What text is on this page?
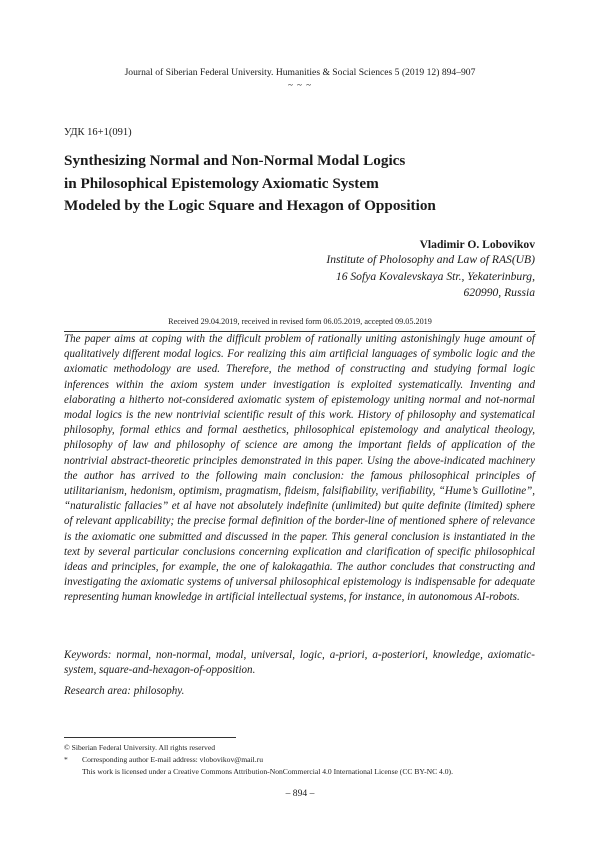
Journal of Siberian Federal University. Humanities & Social Sciences 5 (2019 12) 894–907
~ ~ ~
УДК 16+1(091)
Synthesizing Normal and Non-Normal Modal Logics
in Philosophical Epistemology Axiomatic System
Modeled by the Logic Square and Hexagon of Opposition
Vladimir O. Lobovikov
Institute of Pholosophy and Law of RAS(UB)
16 Sofya Kovalevskaya Str., Yekaterinburg,
620990, Russia
Received 29.04.2019, received in revised form 06.05.2019, accepted 09.05.2019

The paper aims at coping with the difficult problem of rationally uniting astonishingly huge amount of qualitatively different modal logics. For realizing this aim artificial languages of symbolic logic and the axiomatic methodology are used. Therefore, the method of constructing and studying formal logic inferences within the axiom system under investigation is exploited systematically. Inventing and elaborating a hitherto not-considered axiomatic system of epistemology uniting normal and not-normal modal logics is the new nontrivial scientific result of this work. History of philosophy and systematical philosophy, formal ethics and formal aesthetics, philosophical epistemology and analytical theology, philosophy of law and philosophy of science are among the important fields of application of the nontrivial abstract-theoretic principles demonstrated in this paper. Using the above-indicated machinery the author has arrived to the following main conclusion: the famous philosophical principles of utilitarianism, hedonism, optimism, pragmatism, fideism, falsifiability, verifiability, “Hume’s Guillotine”, “naturalistic fallacies” et al have not absolutely indefinite (unlimited) but quite definite (limited) sphere of relevant applicability; the precise formal definition of the border-line of mentioned sphere of relevance is the axiomatic one submitted and discussed in the paper. This general conclusion is instantiated in the text by several particular conclusions concerning explication and clarification of specific philosophical ideas and principles, for example, the one of kalokagathia. The author concludes that constructing and investigating the axiomatic systems of universal philosophical epistemology is indispensable for adequate representing human knowledge in artificial intellectual systems, for instance, in autonomous AI-robots.

Keywords: normal, non-normal, modal, universal, logic, a-priori, a-posteriori, knowledge, axiomatic-system, square-and-hexagon-of-opposition.

Research area: philosophy.
© Siberian Federal University. All rights reserved
* Corresponding author E-mail address: vlobovikov@mail.ru
This work is licensed under a Creative Commons Attribution-NonCommercial 4.0 International License (CC BY-NC 4.0).
– 894 –
